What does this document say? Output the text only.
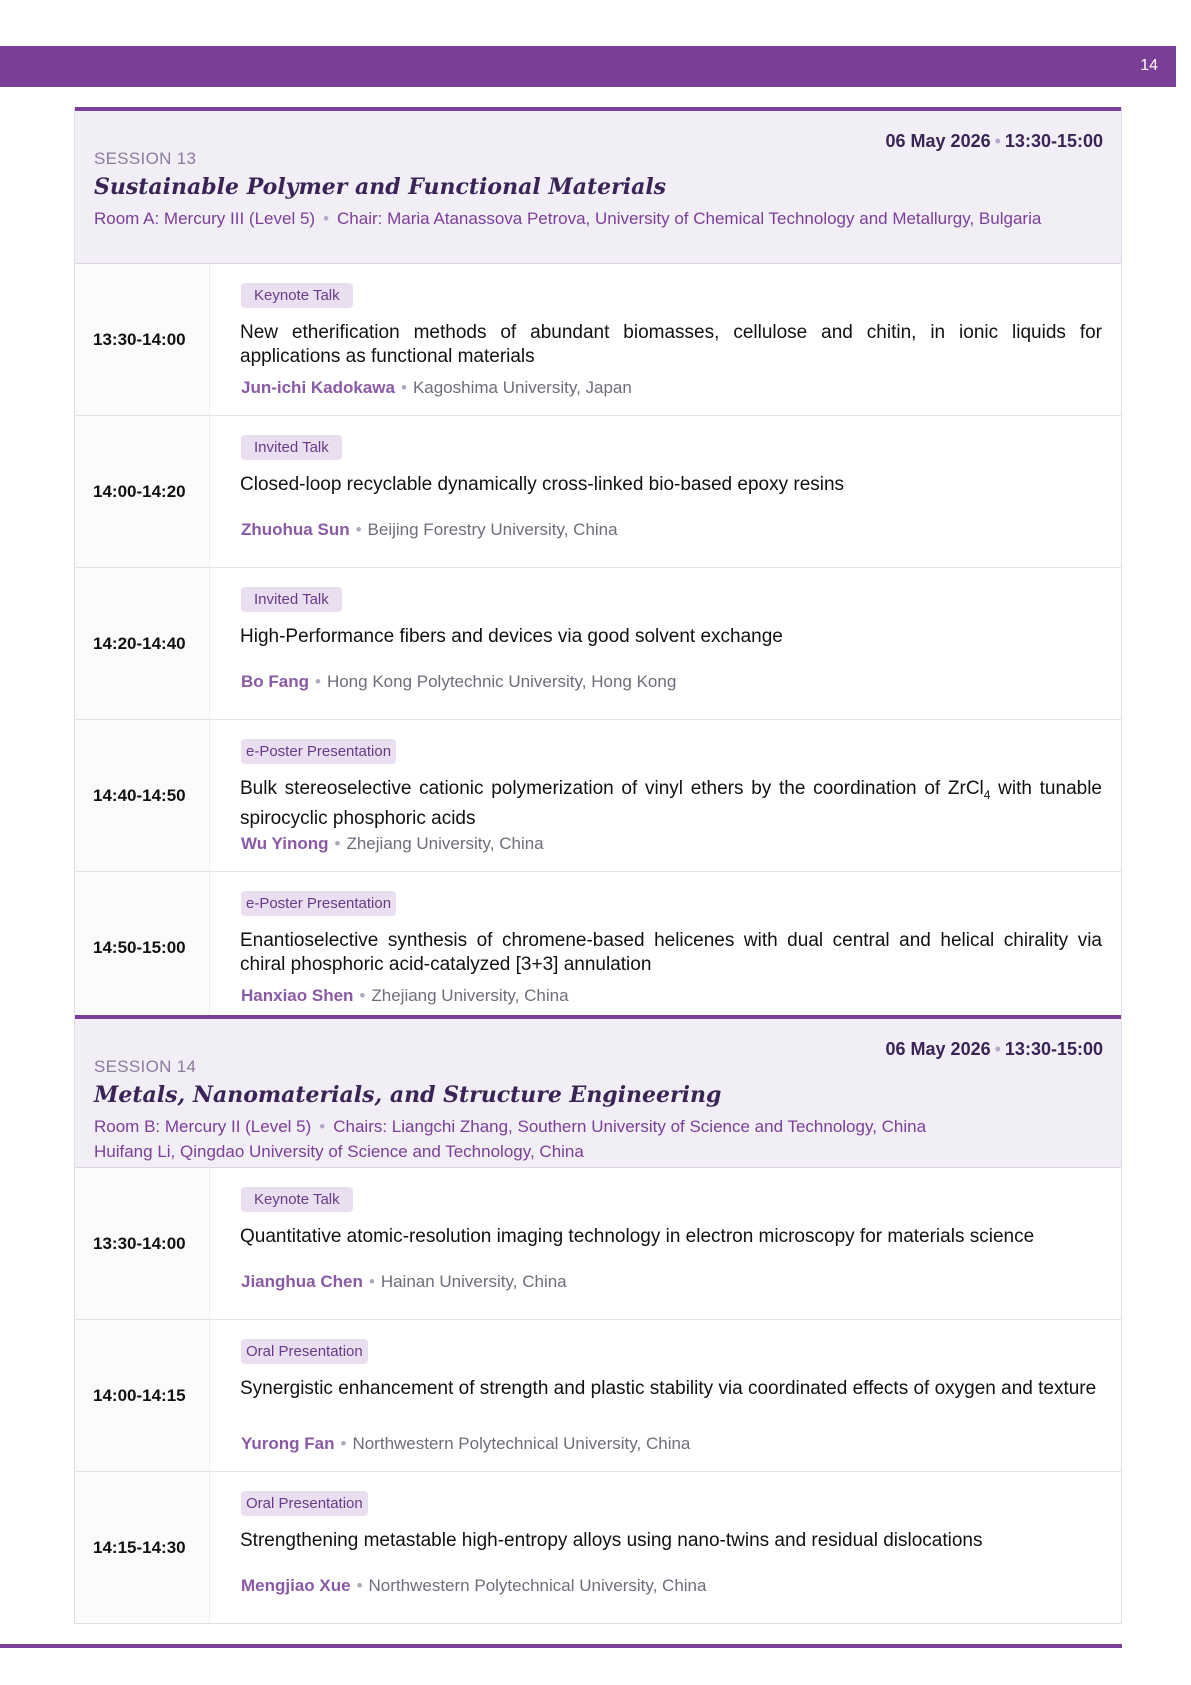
14
06 May 2026 • 13:30-15:00
SESSION 13
Sustainable Polymer and Functional Materials
Room A: Mercury III (Level 5) • Chair: Maria Atanassova Petrova, University of Chemical Technology and Metallurgy, Bulgaria
13:30-14:00
Keynote Talk
New etherification methods of abundant biomasses, cellulose and chitin, in ionic liquids for applications as functional materials
Jun-ichi Kadokawa • Kagoshima University, Japan
14:00-14:20
Invited Talk
Closed-loop recyclable dynamically cross-linked bio-based epoxy resins
Zhuohua Sun • Beijing Forestry University, China
14:20-14:40
Invited Talk
High-Performance fibers and devices via good solvent exchange
Bo Fang • Hong Kong Polytechnic University, Hong Kong
14:40-14:50
e-Poster Presentation
Bulk stereoselective cationic polymerization of vinyl ethers by the coordination of ZrCl$_4$ with tunable spirocyclic phosphoric acids
Wu Yinong • Zhejiang University, China
14:50-15:00
e-Poster Presentation
Enantioselective synthesis of chromene-based helicenes with dual central and helical chirality via chiral phosphoric acid-catalyzed [3+3] annulation
Hanxiao Shen • Zhejiang University, China
06 May 2026 • 13:30-15:00
SESSION 14
Metals, Nanomaterials, and Structure Engineering
Room B: Mercury II (Level 5) • Chairs: Liangchi Zhang, Southern University of Science and Technology, China
Huifang Li, Qingdao University of Science and Technology, China
13:30-14:00
Keynote Talk
Quantitative atomic-resolution imaging technology in electron microscopy for materials science
Jianghua Chen • Hainan University, China
14:00-14:15
Oral Presentation
Synergistic enhancement of strength and plastic stability via coordinated effects of oxygen and texture
Yurong Fan • Northwestern Polytechnical University, China
14:15-14:30
Oral Presentation
Strengthening metastable high-entropy alloys using nano-twins and residual dislocations
Mengjiao Xue • Northwestern Polytechnical University, China
